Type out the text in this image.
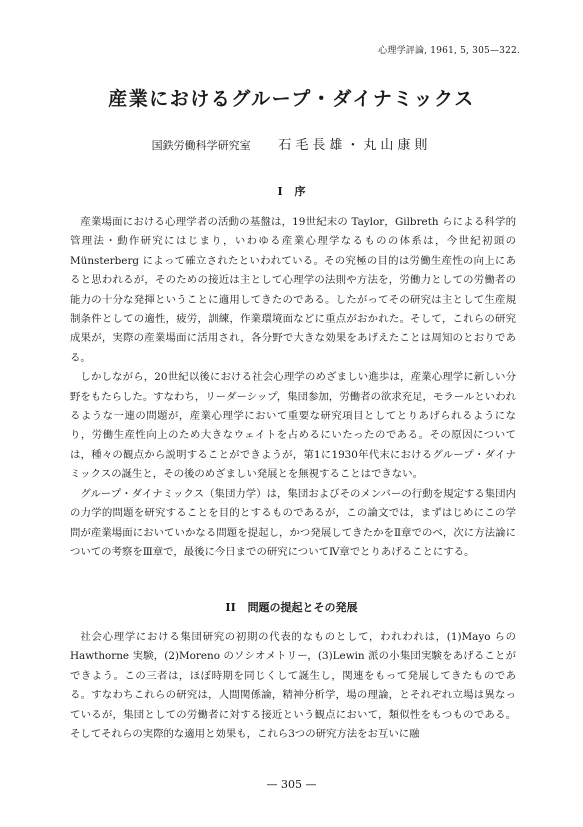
心理学評論, 1961, 5, 305—322.
産業におけるグループ・ダイナミックス
国鉄労働科学研究室 石毛長雄・丸山康則
I 序

産業場面における心理学者の活動の基盤は，19世紀末の Taylor，Gilbreth らによる科学的管理法・動作研究にはじまり，いわゆる産業心理学なるものの体系は，今世紀初頭の Münsterberg によって確立されたといわれている。その究極の目的は労働生産性の向上にあると思われるが，そのための接近は主として心理学の法則や方法を，労働力としての労働者の能力の十分な発揮ということに適用してきたのである。したがってその研究は主として生産規制条件としての適性，疲労，訓練，作業環境面などに重点がおかれた。そして，これらの研究成果が，実際の産業場面に活用され，各分野で大きな効果をあげえたことは周知のとおりである。

しかしながら，20世紀以後における社会心理学のめざましい進歩は，産業心理学に新しい分野をもたらした。すなわち，リーダーシップ，集団参加，労働者の欲求充足，モラールといわれるような一連の問題が，産業心理学において重要な研究項目としてとりあげられるようになり，労働生産性向上のため大きなウェイトを占めるにいたったのである。その原因については，種々の観点から説明することができようが，第1に1930年代末におけるグループ・ダイナミックスの誕生と，その後のめざましい発展とを無視することはできない。

グループ・ダイナミックス（集団力学）は，集団およびそのメンバーの行動を規定する集団内の力学的問題を研究することを目的とするものであるが，この論文では，まずはじめにこの学問が産業場面においていかなる問題を提起し，かつ発展してきたかをⅡ章でのべ，次に方法論についての考察をⅢ章で，最後に今日までの研究についてⅣ章でとりあげることにする。

II 問題の提起とその発展

社会心理学における集団研究の初期の代表的なものとして，われわれは，(1)Mayo らの Hawthorne 実験，(2)Moreno のソシオメトリー，(3)Lewin 派の小集団実験をあげることができよう。この三者は，ほぼ時期を同じくして誕生し，関連をもって発展してきたものである。すなわちこれらの研究は，人間関係論，精神分析学，場の理論，とそれぞれ立場は異なっているが，集団としての労働者に対する接近という観点において，類似性をもつものである。そしてそれらの実際的な適用と効果も，これら3つの研究方法をお互いに融

— 305 —
